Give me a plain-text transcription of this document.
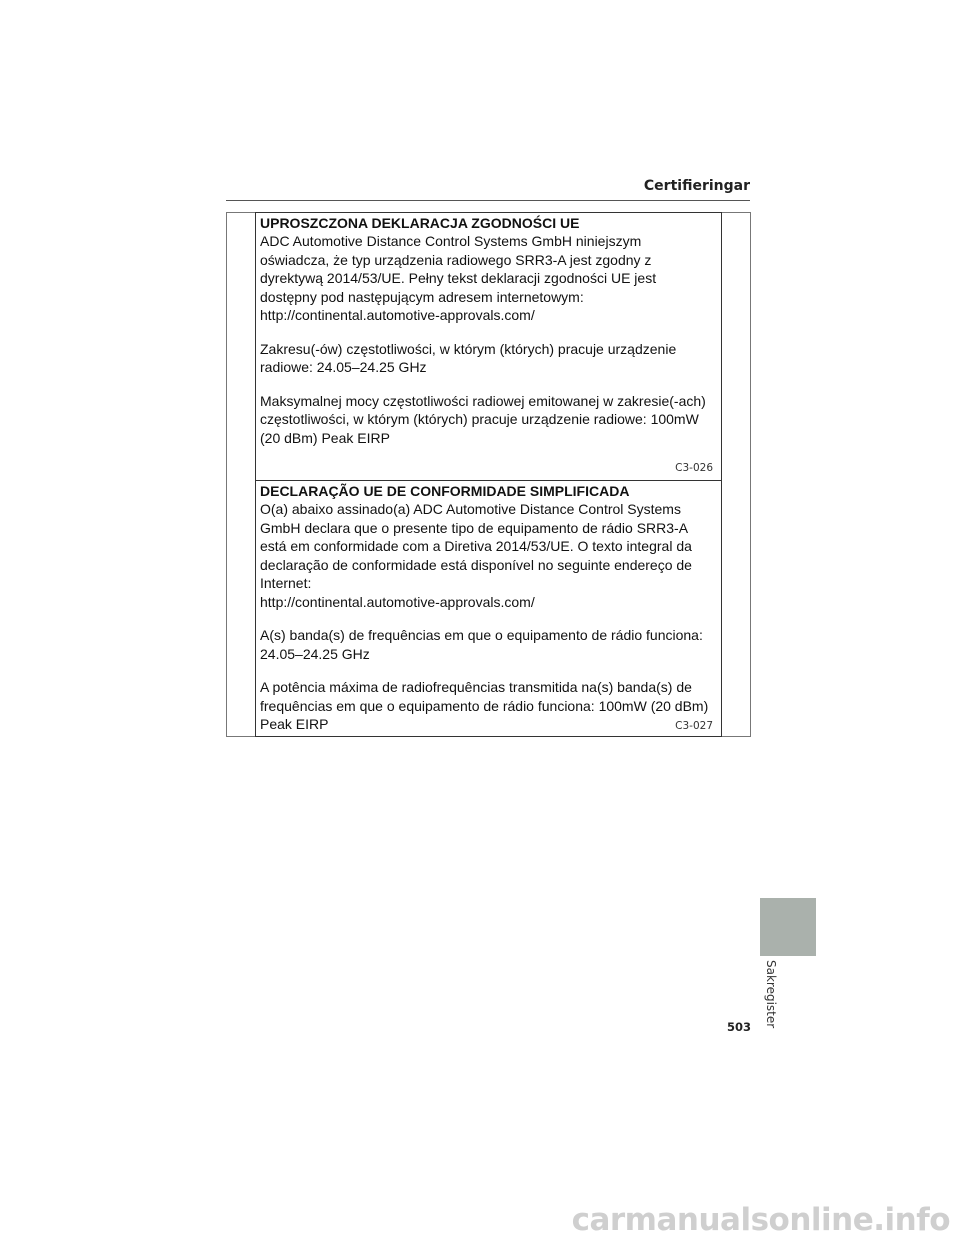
Certifieringar
UPROSZCZONA DEKLARACJA ZGODNOŚCI UE
ADC Automotive Distance Control Systems GmbH niniejszym
oświadcza, że typ urządzenia radiowego SRR3-A jest zgodny z
dyrektywą 2014/53/UE. Pełny tekst deklaracji zgodności UE jest
dostępny pod następującym adresem internetowym:
http://continental.automotive-approvals.com/
Zakresu(-ów) częstotliwości, w którym (których) pracuje urządzenie
radiowe: 24.05–24.25 GHz
Maksymalnej mocy częstotliwości radiowej emitowanej w zakresie(-ach)
częstotliwości, w którym (których) pracuje urządzenie radiowe: 100mW
(20 dBm) Peak EIRP
C3-026
DECLARAÇÃO UE DE CONFORMIDADE SIMPLIFICADA
O(a) abaixo assinado(a) ADC Automotive Distance Control Systems
GmbH declara que o presente tipo de equipamento de rádio SRR3-A
está em conformidade com a Diretiva 2014/53/UE. O texto integral da
declaração de conformidade está disponível no seguinte endereço de
Internet:
http://continental.automotive-approvals.com/
A(s) banda(s) de frequências em que o equipamento de rádio funciona:
24.05–24.25 GHz
A potência máxima de radiofrequências transmitida na(s) banda(s) de
frequências em que o equipamento de rádio funciona: 100mW (20 dBm)
Peak EIRP	C3-027
Sakregister
503
carmanualsonline.info
